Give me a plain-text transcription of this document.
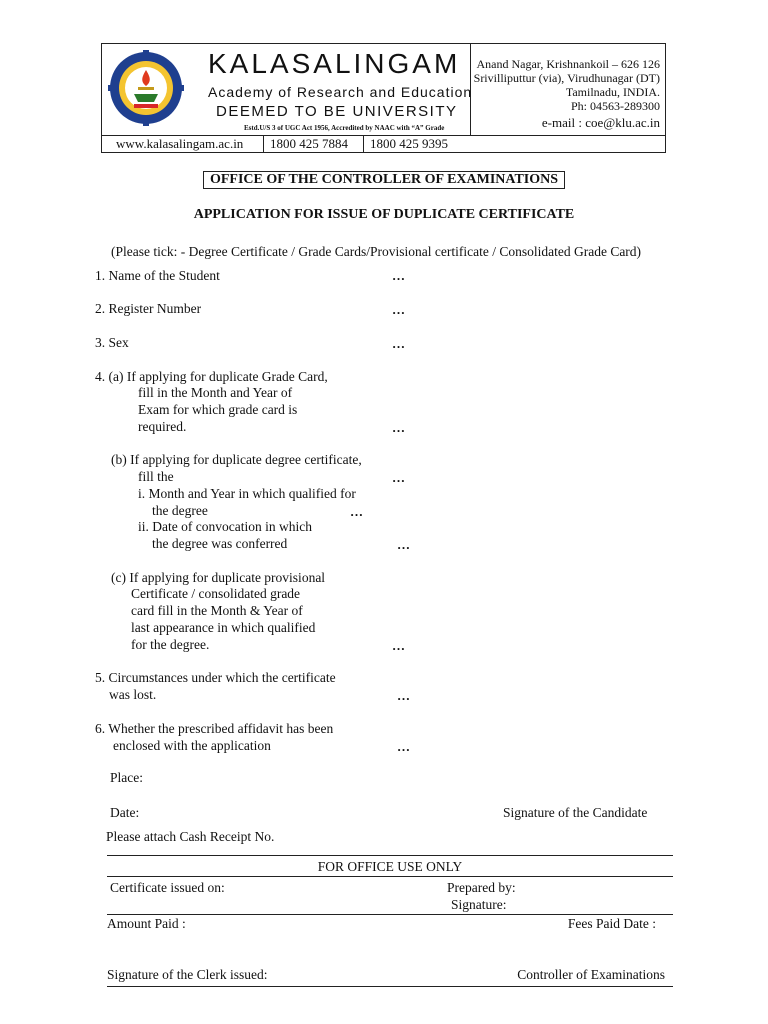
KALASALINGAM
Academy of Research and Education
DEEMED TO BE UNIVERSITY
Estd.U/S 3 of UGC Act 1956, Accredited by NAAC with “A” Grade
Anand Nagar, Krishnankoil – 626 126
Srivilliputtur (via), Virudhunagar (DT)
Tamilnadu, INDIA.
Ph: 04563-289300
e-mail : coe@klu.ac.in
www.kalasalingam.ac.in 1800 425 7884 1800 425 9395
OFFICE OF THE CONTROLLER OF EXAMINATIONS
APPLICATION FOR ISSUE OF DUPLICATE CERTIFICATE
(Please tick: - Degree Certificate / Grade Cards/Provisional certificate / Consolidated Grade Card)
1. Name of the Student	…
2. Register Number	…
3. Sex	…
4. (a) If applying for duplicate Grade Card,
fill in the Month and Year of
Exam for which grade card is
required.	…
(b) If applying for duplicate degree certificate,
fill the	…
i. Month and Year in which qualified for
the degree	…
ii. Date of convocation in which
the degree was conferred	…
(c) If applying for duplicate provisional
Certificate / consolidated grade
card fill in the Month & Year of
last appearance in which qualified
for the degree.	…
5. Circumstances under which the certificate
was lost.	…
6. Whether the prescribed affidavit has been
enclosed with the application	…
Place:
Date:	Signature of the Candidate
Please attach Cash Receipt No.
FOR OFFICE USE ONLY
Certificate issued on:	Prepared by:
Signature:
Amount Paid :	Fees Paid Date :
Signature of the Clerk issued:	Controller of Examinations
